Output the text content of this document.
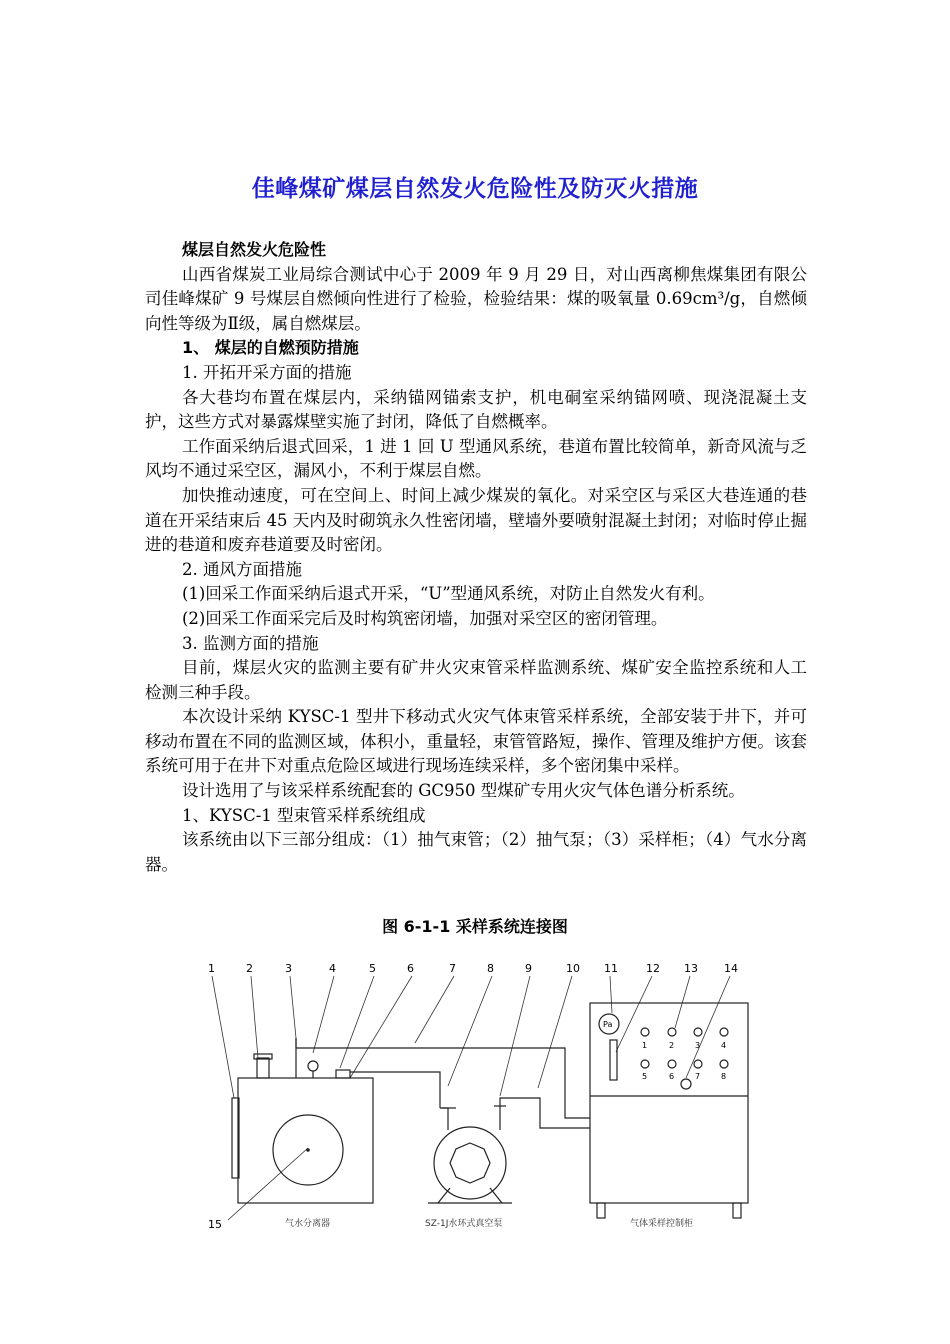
佳峰煤矿煤层自然发火危险性及防灭火措施

煤层自然发火危险性

山西省煤炭工业局综合测试中心于 2009 年 9 月 29 日，对山西离柳焦煤集团有限公司佳峰煤矿 9 号煤层自燃倾向性进行了检验，检验结果：煤的吸氧量 0.69cm³/g，自燃倾向性等级为Ⅱ级，属自燃煤层。

1、 煤层的自燃预防措施

1. 开拓开采方面的措施

各大巷均布置在煤层内，采纳锚网锚索支护，机电硐室采纳锚网喷、现浇混凝土支护，这些方式对暴露煤壁实施了封闭，降低了自燃概率。

工作面采纳后退式回采，1 进 1 回 U 型通风系统，巷道布置比较简单，新奇风流与乏风均不通过采空区，漏风小，不利于煤层自燃。

加快推动速度，可在空间上、时间上减少煤炭的氧化。对采空区与采区大巷连通的巷道在开采结束后 45 天内及时砌筑永久性密闭墙，壁墙外要喷射混凝土封闭；对临时停止掘进的巷道和废弃巷道要及时密闭。

2. 通风方面措施

(1)回采工作面采纳后退式开采，“U”型通风系统，对防止自然发火有利。

(2)回采工作面采完后及时构筑密闭墙，加强对采空区的密闭管理。

3. 监测方面的措施

目前，煤层火灾的监测主要有矿井火灾束管采样监测系统、煤矿安全监控系统和人工检测三种手段。

本次设计采纳 KYSC-1 型井下移动式火灾气体束管采样系统，全部安装于井下，并可移动布置在不同的监测区域，体积小，重量轻，束管管路短，操作、管理及维护方便。该套系统可用于在井下对重点危险区域进行现场连续采样，多个密闭集中采样。

设计选用了与该采样系统配套的 GC950 型煤矿专用火灾气体色谱分析系统。

1、KYSC-1 型束管采样系统组成

该系统由以下三部分组成：（1）抽气束管；（2）抽气泵；（3）采样柜；（4）气水分离器。

图 6-1-1 采样系统连接图
1	2	3	4	5	6	7	8	9	10 11	12 13 14
15
Pa
1	2	3	4
5	6	7	8
气水分离器	SZ-1J水环式真空泵	气体采样控制柜
